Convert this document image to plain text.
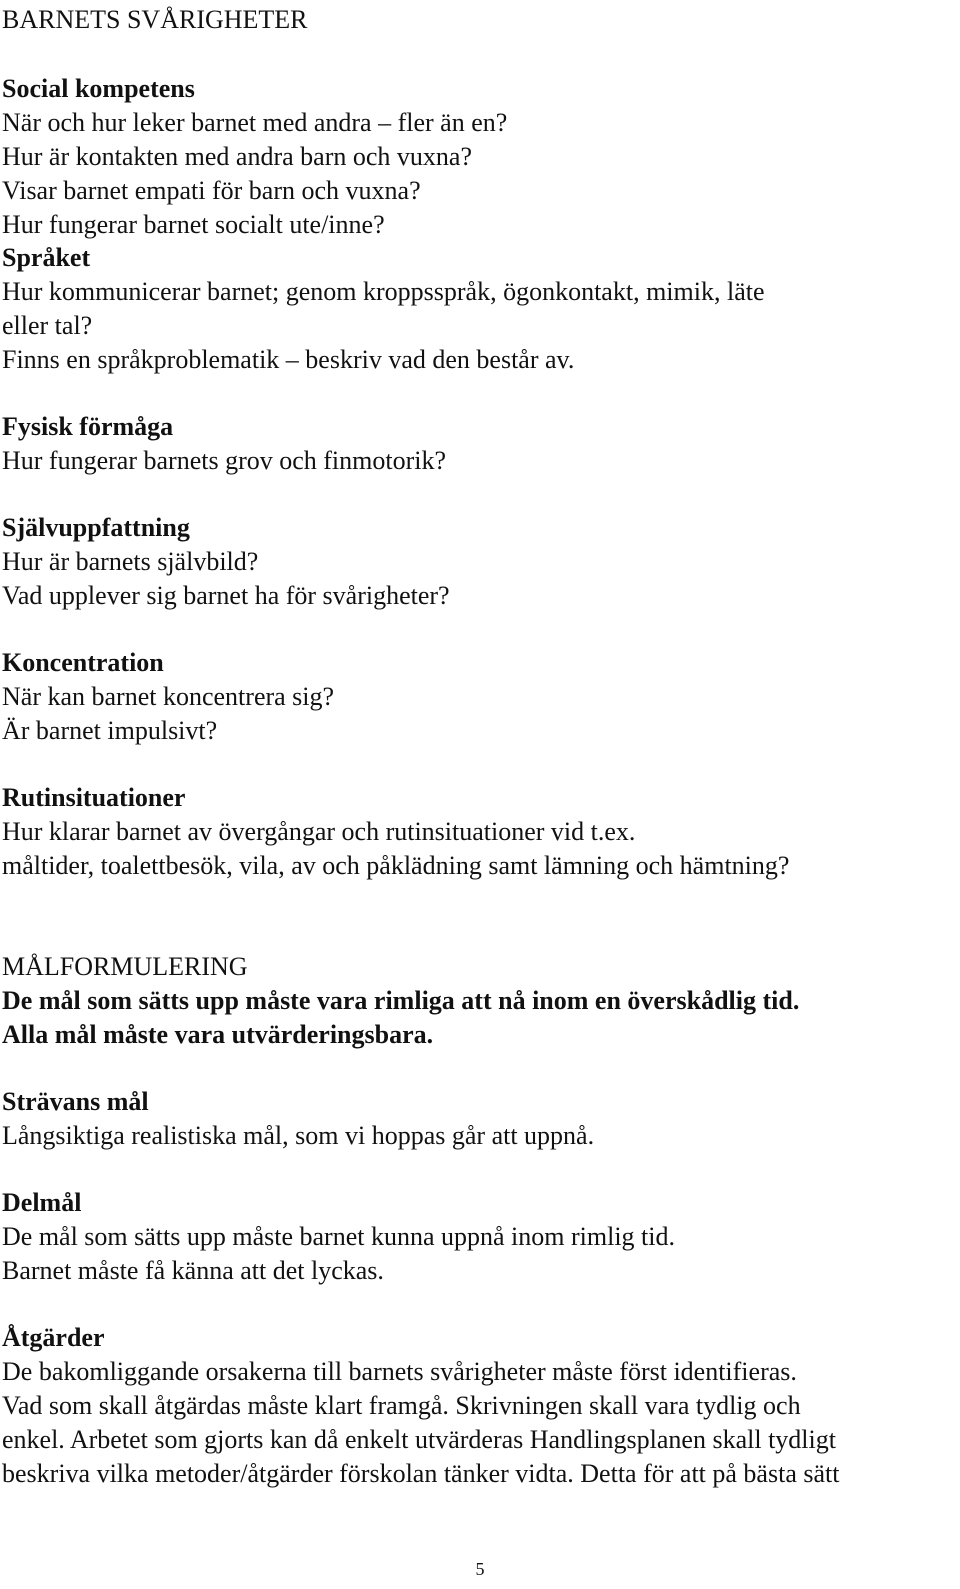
BARNETS SVÅRIGHETER
Social kompetens
När och hur leker barnet med andra – fler än en?
Hur är kontakten med andra barn och vuxna?
Visar barnet empati för barn och vuxna?
Hur fungerar barnet socialt ute/inne?
Språket
Hur kommunicerar barnet; genom kroppsspråk, ögonkontakt, mimik, läte
eller tal?
Finns en språkproblematik – beskriv vad den består av.
Fysisk förmåga
Hur fungerar barnets grov och finmotorik?
Självuppfattning
Hur är barnets självbild?
Vad upplever sig barnet ha för svårigheter?
Koncentration
När kan barnet koncentrera sig?
Är barnet impulsivt?
Rutinsituationer
Hur klarar barnet av övergångar och rutinsituationer vid t.ex.
måltider, toalettbesök, vila, av och påklädning samt lämning och hämtning?
MÅLFORMULERING
De mål som sätts upp måste vara rimliga att nå inom en överskådlig tid.
Alla mål måste vara utvärderingsbara.
Strävans mål
Långsiktiga realistiska mål, som vi hoppas går att uppnå.
Delmål
De mål som sätts upp måste barnet kunna uppnå inom rimlig tid.
Barnet måste få känna att det lyckas.
Åtgärder
De bakomliggande orsakerna till barnets svårigheter måste först identifieras.
Vad som skall åtgärdas måste klart framgå. Skrivningen skall vara tydlig och
enkel. Arbetet som gjorts kan då enkelt utvärderas Handlingsplanen skall tydligt
beskriva vilka metoder/åtgärder förskolan tänker vidta. Detta för att på bästa sätt
5
